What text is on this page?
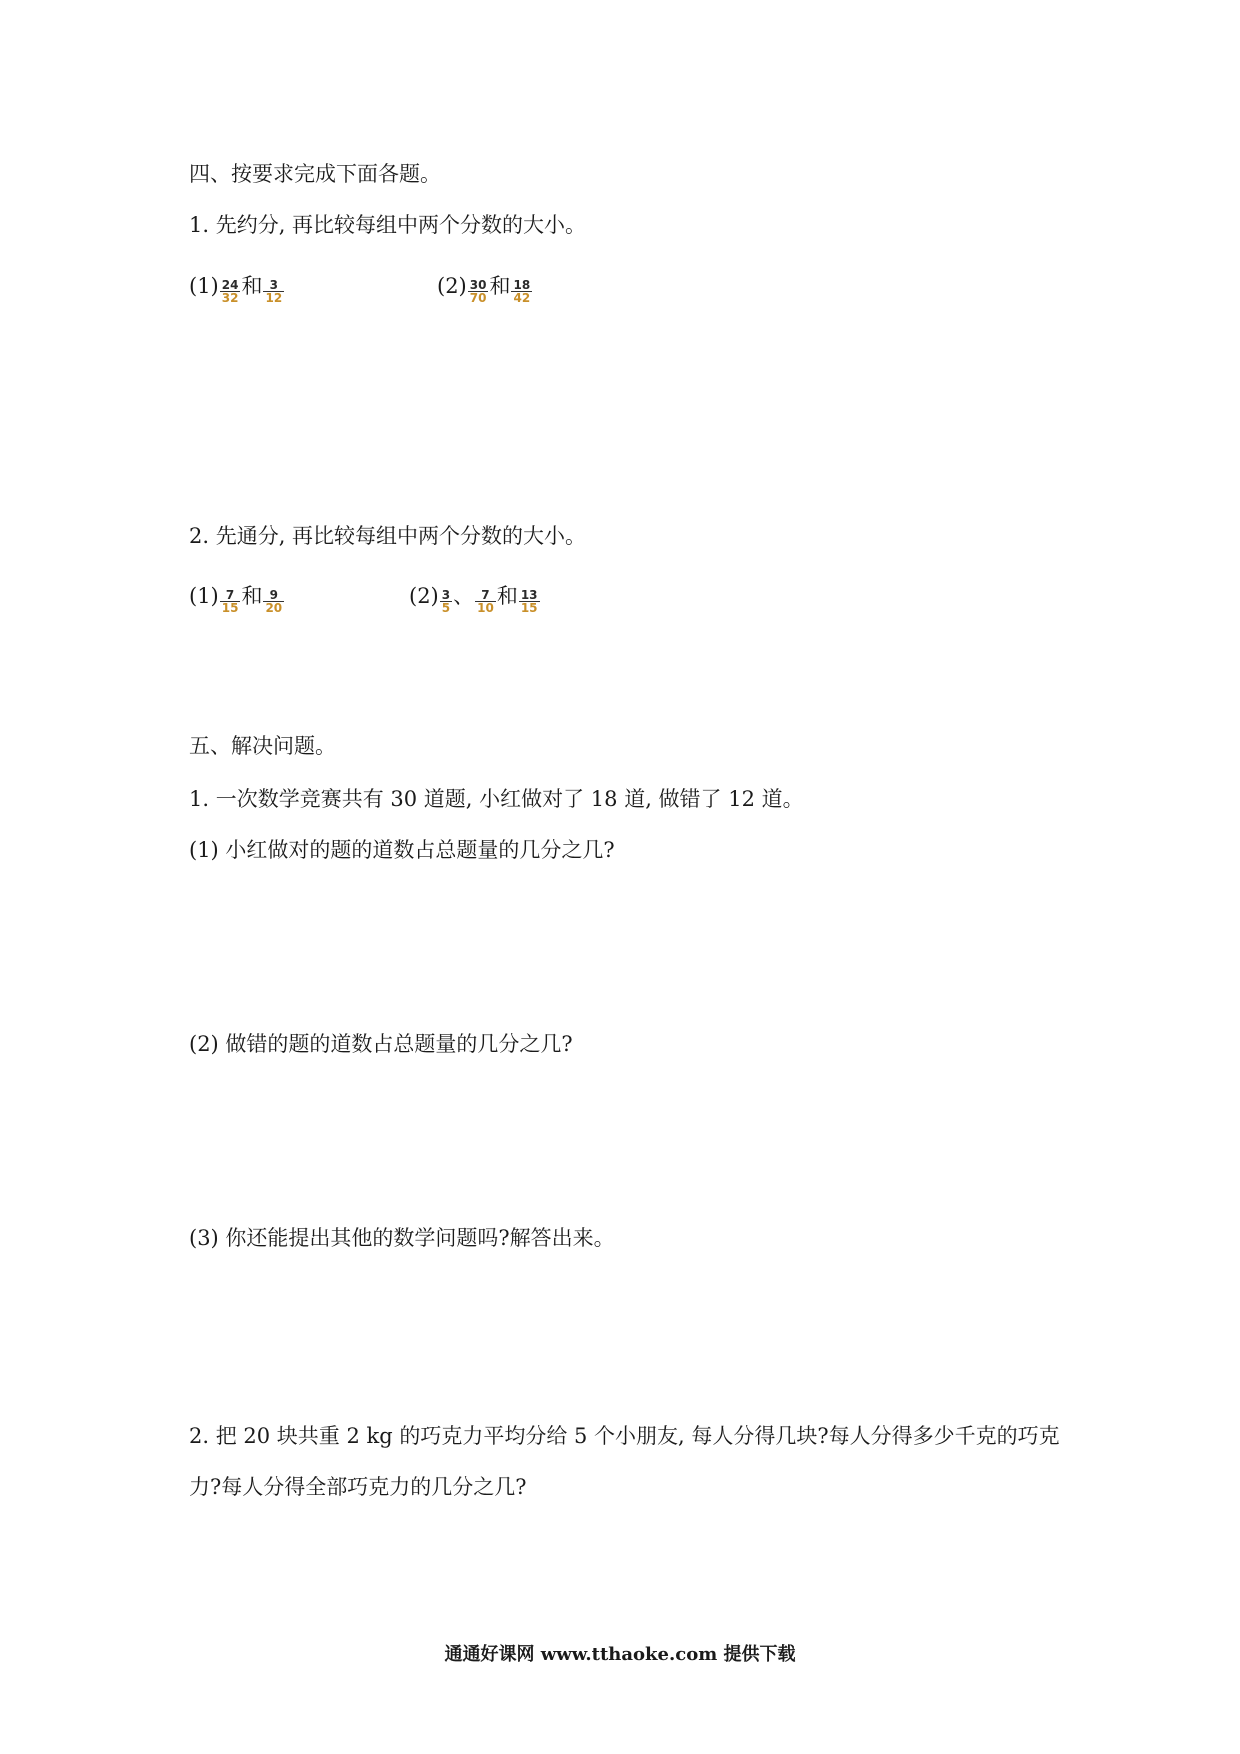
四、按要求完成下面各题。
1. 先约分, 再比较每组中两个分数的大小。
$(1) \frac{24}{32}$ 和 $\frac{3}{12}$	$(2) \frac{30}{70}$ 和 $\frac{18}{42}$
2. 先通分, 再比较每组中两个分数的大小。
$(1) \frac{7}{15}$ 和 $\frac{9}{20}$	$(2) \frac{3}{5}$ 、 $\frac{7}{10}$ 和 $\frac{13}{15}$
五、解决问题。
1. 一次数学竞赛共有 30 道题, 小红做对了 18 道, 做错了 12 道。
(1) 小红做对的题的道数占总题量的几分之几?
(2) 做错的题的道数占总题量的几分之几?
(3) 你还能提出其他的数学问题吗?解答出来。
2. 把 20 块共重 2 kg 的巧克力平均分给 5 个小朋友, 每人分得几块?每人分得多少千克的巧克
力?每人分得全部巧克力的几分之几?
通通好课网 www.tthaoke.com 提供下载
